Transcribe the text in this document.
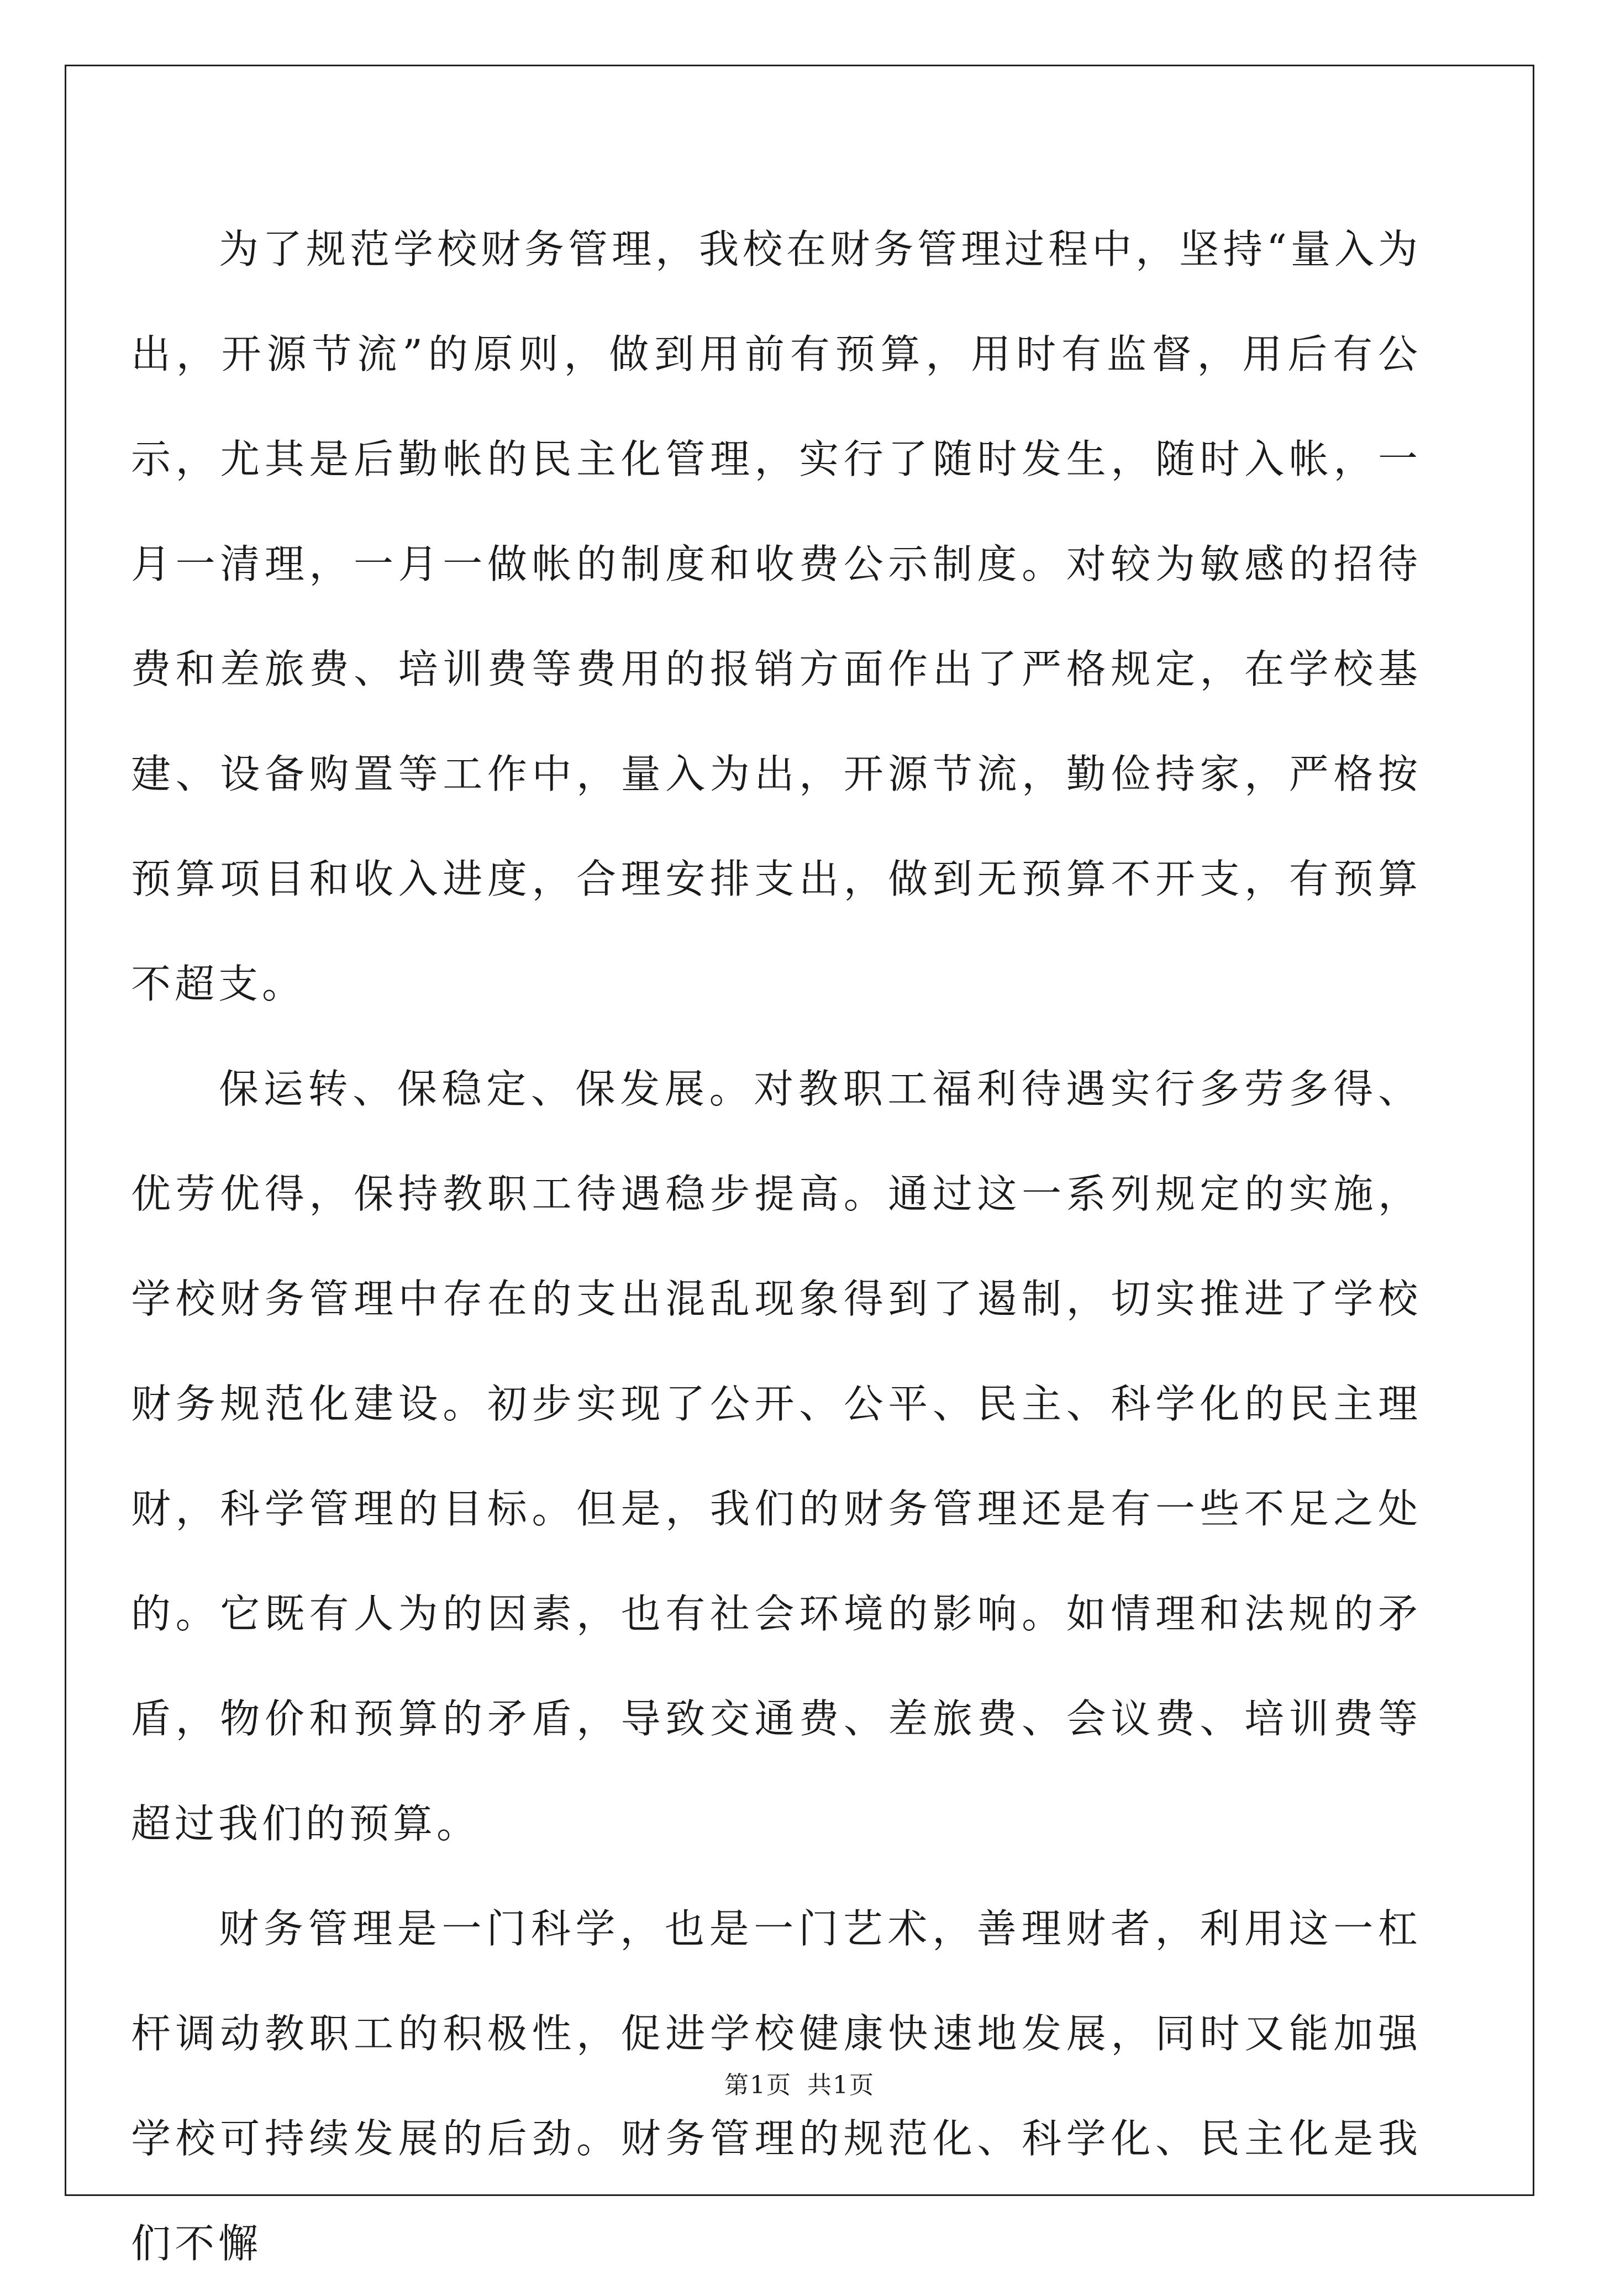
为了规范学校财务管理，我校在财务管理过程中，坚持“量入为出，开源节流”的原则，做到用前有预算，用时有监督，用后有公示，尤其是后勤帐的民主化管理，实行了随时发生，随时入帐，一月一清理，一月一做帐的制度和收费公示制度。对较为敏感的招待费和差旅费、培训费等费用的报销方面作出了严格规定，在学校基建、设备购置等工作中，量入为出，开源节流，勤俭持家，严格按预算项目和收入进度，合理安排支出，做到无预算不开支，有预算不超支。

保运转、保稳定、保发展。对教职工福利待遇实行多劳多得、优劳优得，保持教职工待遇稳步提高。通过这一系列规定的实施，学校财务管理中存在的支出混乱现象得到了遏制，切实推进了学校财务规范化建设。初步实现了公开、公平、民主、科学化的民主理财，科学管理的目标。但是，我们的财务管理还是有一些不足之处的。它既有人为的因素，也有社会环境的影响。如情理和法规的矛盾，物价和预算的矛盾，导致交通费、差旅费、会议费、培训费等超过我们的预算。

财务管理是一门科学，也是一门艺术，善理财者，利用这一杠杆调动教职工的积极性，促进学校健康快速地发展，同时又能加强学校可持续发展的后劲。财务管理的规范化、科学化、民主化是我们不懈

第1页 共1页
